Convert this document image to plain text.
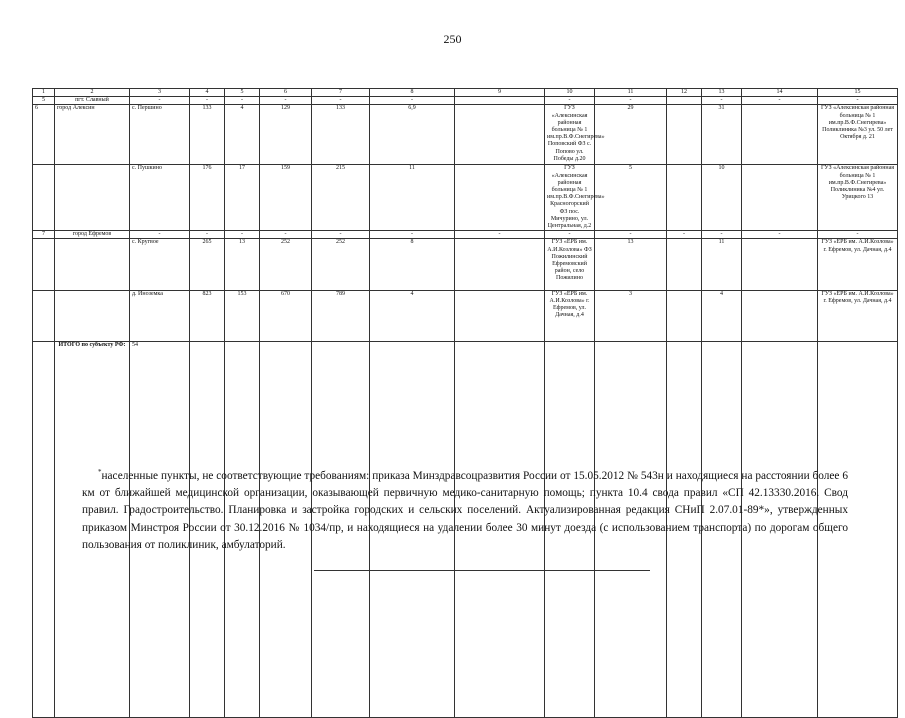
250
1	2	3	4	5	6	7	8	9	10	11	12	13	14	15	
5	пгт. Славный	-	-	-	-	-	-		-	-		-	-	-	
6	город Алексин	с. Першино	133	4	129	133	6,9		ГУЗ «Алексинская районная больница № 1 им.пр.В.Ф.Снегирева» Поповский ФЗ с. Попово ул. Победы д.20	29		31		ГУЗ «Алексинская районная больница № 1 им.пр.В.Ф.Снегирева» Поликлиника №3 ул. 50 лет Октября д. 21	
		с. Пушкино	176	17	159	215	11		ГУЗ «Алексинская районная больница № 1 им.пр.В.Ф.Снегирева» Красногорский ФЗ пос. Мичурино, ул. Центральная, д.2	5		10		ГУЗ «Алексинская районная больница № 1 им.пр.В.Ф.Снегирева» Поликлиника №4 ул. Урицкого 13	
7	город Ефремов	-	-	-	-	-	-	-	-	-	-	-	-	-	
		с. Кругвое	265	13	252	252	8		ГУЗ «ЕРБ им. А.И.Козлова» ФЗ Пожилинский Ефремовский район, село Пожилино	13		11		ГУЗ «ЕРБ им. А.И.Козлова» г. Ефремов, ул. Дачная, д.4	
		д. Иноземка	823	153	670	789	4		ГУЗ «ЕРБ им. А.И.Козлова» г. Ефремов, ул. Дачная, д.4	3		4		ГУЗ «ЕРБ им. А.И.Козлова» г. Ефремов, ул. Дачная, д.4	
	ИТОГО по субъекту РФ:	54													
*населенные пункты, не соответствующие требованиям: приказа Минздравсоцразвития России от 15.05.2012 № 543н и находящиеся на расстоянии более 6 км от ближайшей медицинской организации, оказывающей первичную медико-санитарную помощь; пункта 10.4 свода правил «СП 42.13330.2016. Свод правил. Градостроительство. Планировка и застройка городских и сельских поселений. Актуализированная редакция СНиП 2.07.01-89*», утвержденных приказом Минстроя России от 30.12.2016 № 1034/пр, и находящиеся на удалении более 30 минут доезда (с использованием транспорта) по дорогам общего пользования от поликлиник, амбулаторий.
